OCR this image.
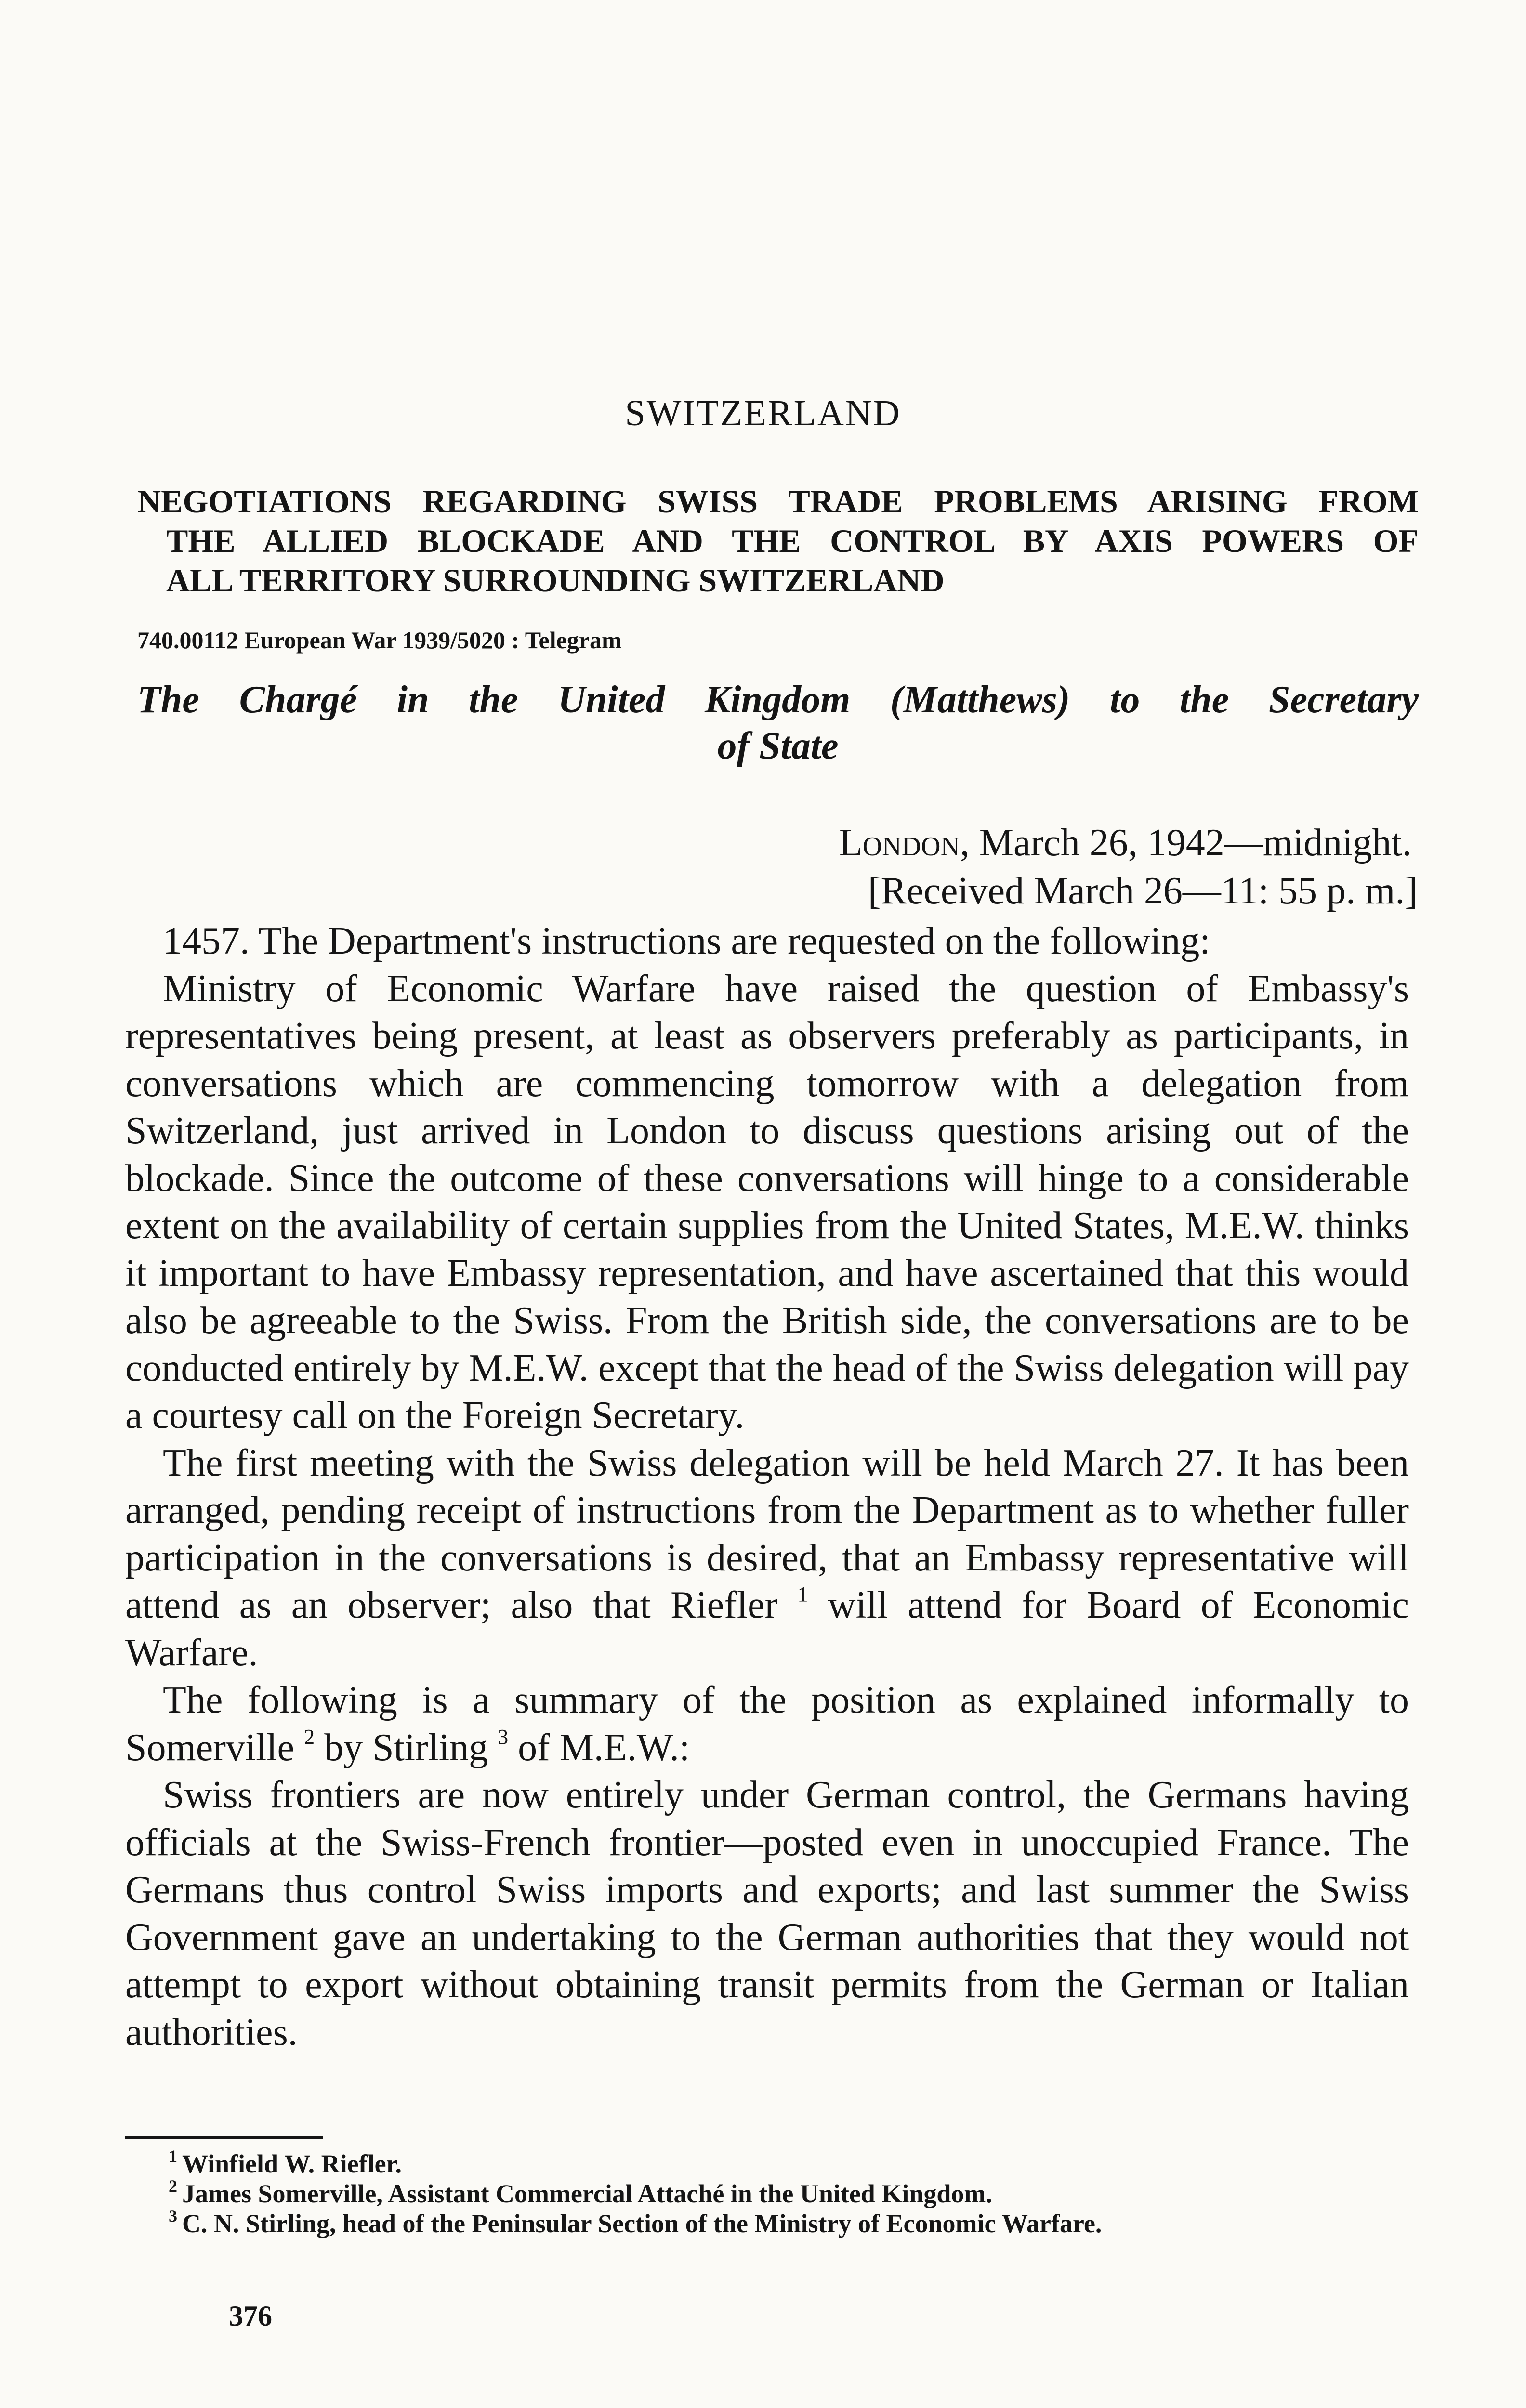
SWITZERLAND
NEGOTIATIONS REGARDING SWISS TRADE PROBLEMS ARISING FROM
THE ALLIED BLOCKADE AND THE CONTROL BY AXIS POWERS OF
ALL TERRITORY SURROUNDING SWITZERLAND

740.00112 European War 1939/5020 : Telegram

The Chargé in the United Kingdom (Matthews) to the Secretary
of State
London, March 26, 1942—midnight.
[Received March 26—11: 55 p. m.]

1457. The Department's instructions are requested on the following:

Ministry of Economic Warfare have raised the question of Embassy's representatives being present, at least as observers preferably as participants, in conversations which are commencing tomorrow with a delegation from Switzerland, just arrived in London to discuss questions arising out of the blockade. Since the outcome of these conversations will hinge to a considerable extent on the availability of certain supplies from the United States, M.E.W. thinks it important to have Embassy representation, and have ascertained that this would also be agreeable to the Swiss. From the British side, the conversations are to be conducted entirely by M.E.W. except that the head of the Swiss delegation will pay a courtesy call on the Foreign Secretary.

The first meeting with the Swiss delegation will be held March 27. It has been arranged, pending receipt of instructions from the Department as to whether fuller participation in the conversations is desired, that an Embassy representative will attend as an observer; also that Riefler $^1$ will attend for Board of Economic Warfare.

The following is a summary of the position as explained informally to Somerville $^2$ by Stirling $^3$ of M.E.W.:

Swiss frontiers are now entirely under German control, the Germans having officials at the Swiss-French frontier—posted even in unoccupied France. The Germans thus control Swiss imports and exports; and last summer the Swiss Government gave an undertaking to the German authorities that they would not attempt to export without obtaining transit permits from the German or Italian authorities.

$^1$ Winfield W. Riefler.
$^2$ James Somerville, Assistant Commercial Attaché in the United Kingdom.
$^3$ C. N. Stirling, head of the Peninsular Section of the Ministry of Economic Warfare.

376
